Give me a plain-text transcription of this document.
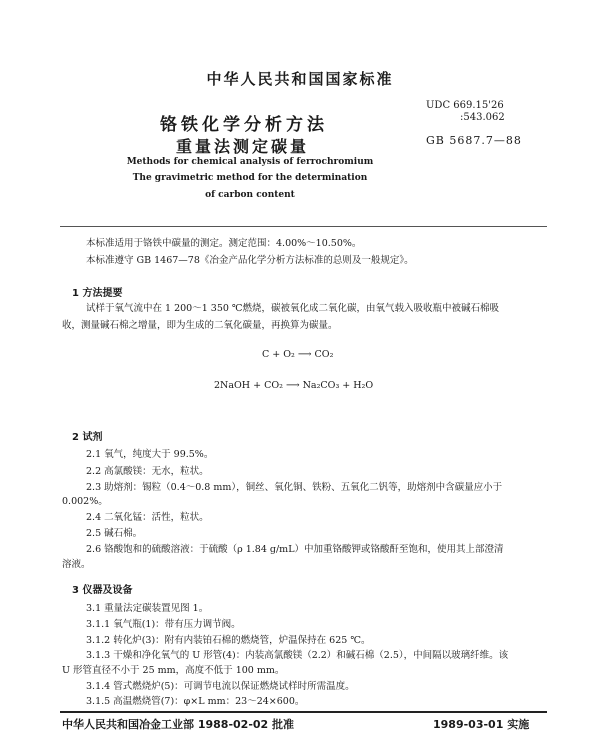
中华人民共和国国家标准
铬铁化学分析方法
重量法测定碳量
UDC 669.15'26
:543.062
GB 5687.7—88
Methods for chemical analysis of ferrochromium
The gravimetric method for the determination
of carbon content
本标准适用于铬铁中碳量的测定。测定范围：4.00%～10.50%。
本标准遵守 GB 1467—78《冶金产品化学分析方法标准的总则及一般规定》。
1 方法提要
试样于氧气流中在 1 200～1 350 ℃燃烧，碳被氧化成二氧化碳，由氧气载入吸收瓶中被碱石棉吸
收，测量碱石棉之增量，即为生成的二氧化碳量，再换算为碳量。
C + O₂ ⟶ CO₂
2NaOH + CO₂ ⟶ Na₂CO₃ + H₂O
2 试剂
2.1 氧气，纯度大于 99.5%。
2.2 高氯酸镁：无水，粒状。
2.3 助熔剂：锡粒（0.4～0.8 mm），铜丝、氧化铜、铁粉、五氧化二钒等，助熔剂中含碳量应小于
0.002%。
2.4 二氧化锰：活性，粒状。
2.5 碱石棉。
2.6 铬酸饱和的硫酸溶液：于硫酸（ρ 1.84 g/mL）中加重铬酸钾或铬酸酐至饱和，使用其上部澄清
溶液。
3 仪器及设备
3.1 重量法定碳装置见图 1。
3.1.1 氧气瓶(1)：带有压力调节阀。
3.1.2 转化炉(3)：附有内装铂石棉的燃烧管，炉温保持在 625 ℃。
3.1.3 干燥和净化氧气的 U 形管(4)：内装高氯酸镁（2.2）和碱石棉（2.5），中间隔以玻璃纤维。该
U 形管直径不小于 25 mm，高度不低于 100 mm。
3.1.4 管式燃烧炉(5)：可调节电流以保证燃烧试样时所需温度。
3.1.5 高温燃烧管(7)：φ×L mm：23～24×600。
中华人民共和国冶金工业部 1988-02-02 批准	1989-03-01 实施
